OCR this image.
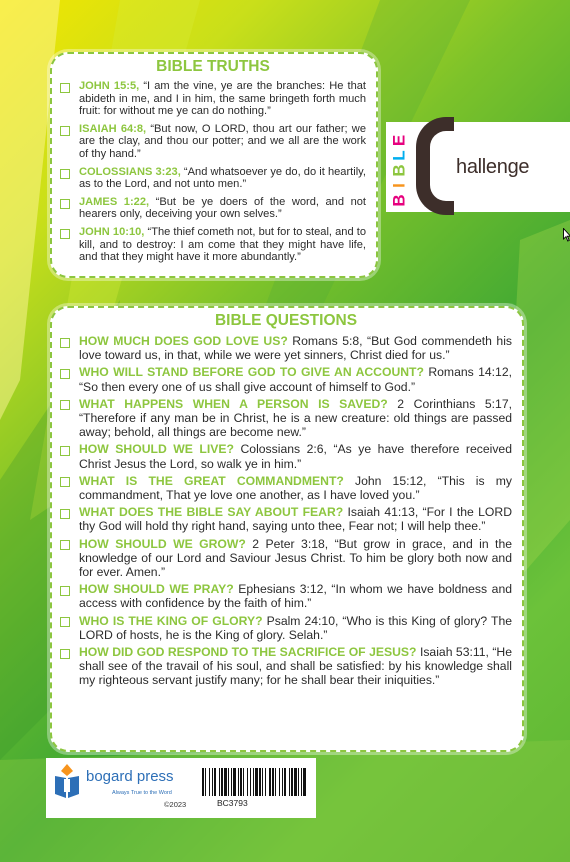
BIBLE TRUTHS
JOHN 15:5, “I am the vine, ye are the branches: He that abideth in me, and I in him, the same bringeth forth much fruit: for without me ye can do nothing.”
ISAIAH 64:8, “But now, O LORD, thou art our father; we are the clay, and thou our potter; and we all are the work of thy hand.”
COLOSSIANS 3:23, “And whatsoever ye do, do it heartily, as to the Lord, and not unto men.”
JAMES 1:22, “But be ye doers of the word, and not hearers only, deceiving your own selves.”
JOHN 10:10, “The thief cometh not, but for to steal, and to kill, and to destroy: I am come that they might have life, and that they might have it more abundantly.”
B
I
B
L
E
hallenge
BIBLE QUESTIONS
HOW MUCH DOES GOD LOVE US? Romans 5:8, “But God commendeth his love toward us, in that, while we were yet sinners, Christ died for us.”
WHO WILL STAND BEFORE GOD TO GIVE AN ACCOUNT? Romans 14:12, “So then every one of us shall give account of himself to God.”
WHAT HAPPENS WHEN A PERSON IS SAVED? 2 Corinthians 5:17, “Therefore if any man be in Christ, he is a new creature: old things are passed away; behold, all things are become new.”
HOW SHOULD WE LIVE? Colossians 2:6, “As ye have therefore received Christ Jesus the Lord, so walk ye in him.”
WHAT IS THE GREAT COMMANDMENT? John 15:12, “This is my commandment, That ye love one another, as I have loved you.”
WHAT DOES THE BIBLE SAY ABOUT FEAR? Isaiah 41:13, “For I the LORD thy God will hold thy right hand, saying unto thee, Fear not; I will help thee.”
HOW SHOULD WE GROW? 2 Peter 3:18, “But grow in grace, and in the knowledge of our Lord and Saviour Jesus Christ. To him be glory both now and for ever. Amen.”
HOW SHOULD WE PRAY? Ephesians 3:12, “In whom we have boldness and access with confidence by the faith of him.”
WHO IS THE KING OF GLORY? Psalm 24:10, “Who is this King of glory? The LORD of hosts, he is the King of glory. Selah.”
HOW DID GOD RESPOND TO THE SACRIFICE OF JESUS? Isaiah 53:11, “He shall see of the travail of his soul, and shall be satisfied: by his knowledge shall my righteous servant justify many; for he shall bear their iniquities.”
bogard press
Always True to the Word
©2023	BC3793
